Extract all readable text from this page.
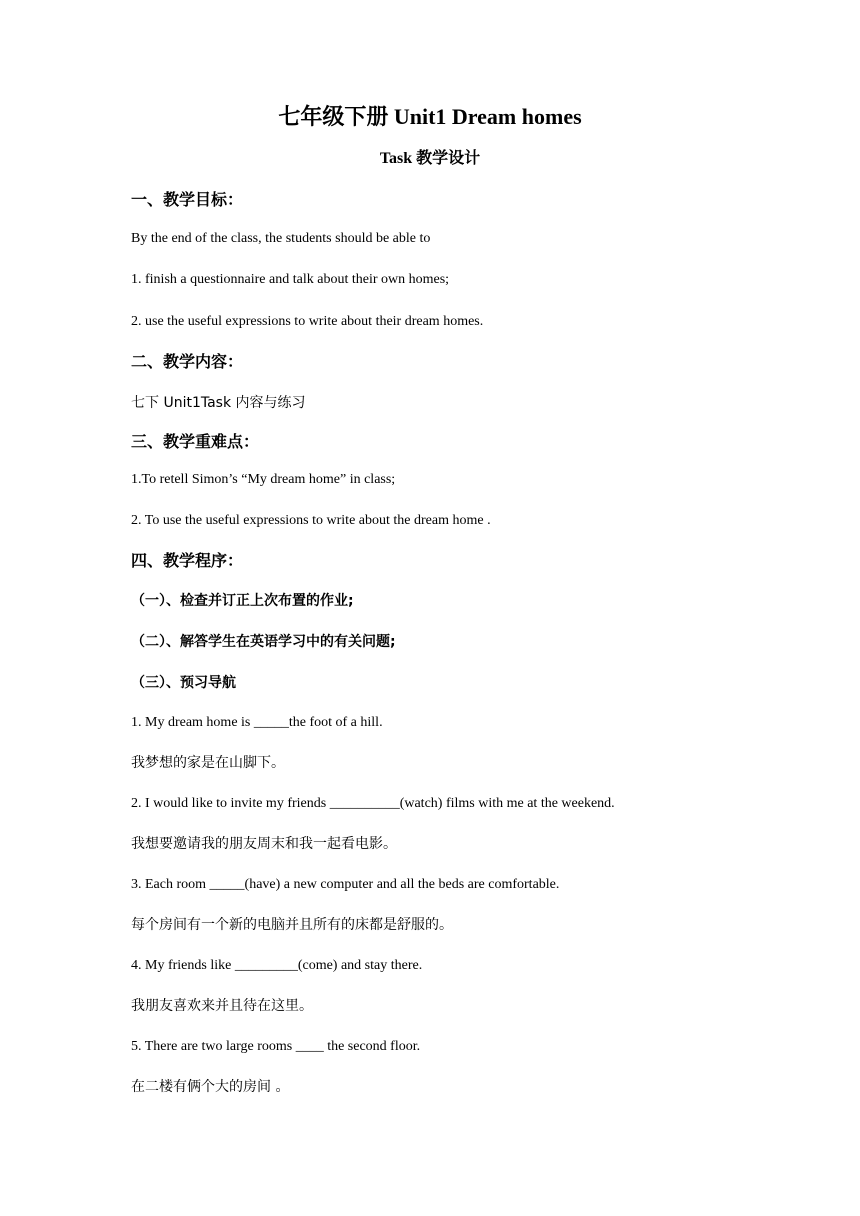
七年级下册 Unit1 Dream homes
Task 教学设计
一、教学目标：
By the end of the class, the students should be able to
1. finish a questionnaire and talk about their own homes;
2. use the useful expressions to write about their dream homes.
二、教学内容：
七下 Unit1Task 内容与练习
三、教学重难点：
1.To retell Simon’s “My dream home” in class;
2. To use the useful expressions to write about the dream home .
四、教学程序：
（一）、检查并订正上次布置的作业;
（二）、解答学生在英语学习中的有关问题;
（三）、预习导航
1. My dream home is _____the foot of a hill.
我梦想的家是在山脚下。
2. I would like to invite my friends __________(watch) films with me at the weekend.
我想要邀请我的朋友周末和我一起看电影。
3. Each room _____(have) a new computer and all the beds are comfortable.
每个房间有一个新的电脑并且所有的床都是舒服的。
4. My friends like _________(come) and stay there.
我朋友喜欢来并且待在这里。
5. There are two large rooms ____ the second floor.
在二楼有俩个大的房间 。
